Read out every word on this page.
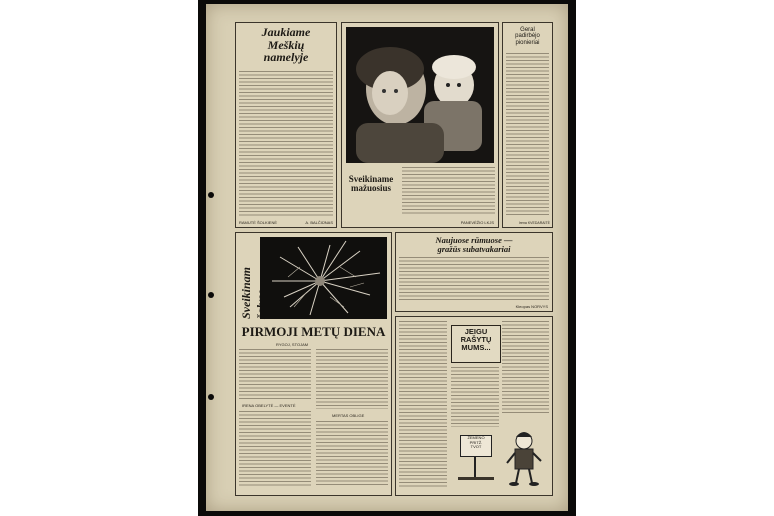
Jaukiame
Meškių
namelyje
RAMUTĖ ŠOLKIENĖ	A. BALČIŪNAS
Sveikiname
mažuosius
PANEVĖŽIO LKJS
Geral
padirbėjo
pionieriai
Irena KVEDARAITĖ
Sveikinam
PIRMOJI METŲ DIENA
RYGOJ, STOJAM
IRENA OBELYTĖ — EVENTĖ
MERTAS OBLIGE
Naujuose rūmuose —
gražūs subatvakariai
Kleopas NORVYS
JEIGU
RAŠYTŲ
MUMS...
ŽEMĖNO
PRITŽ.
TVOT
